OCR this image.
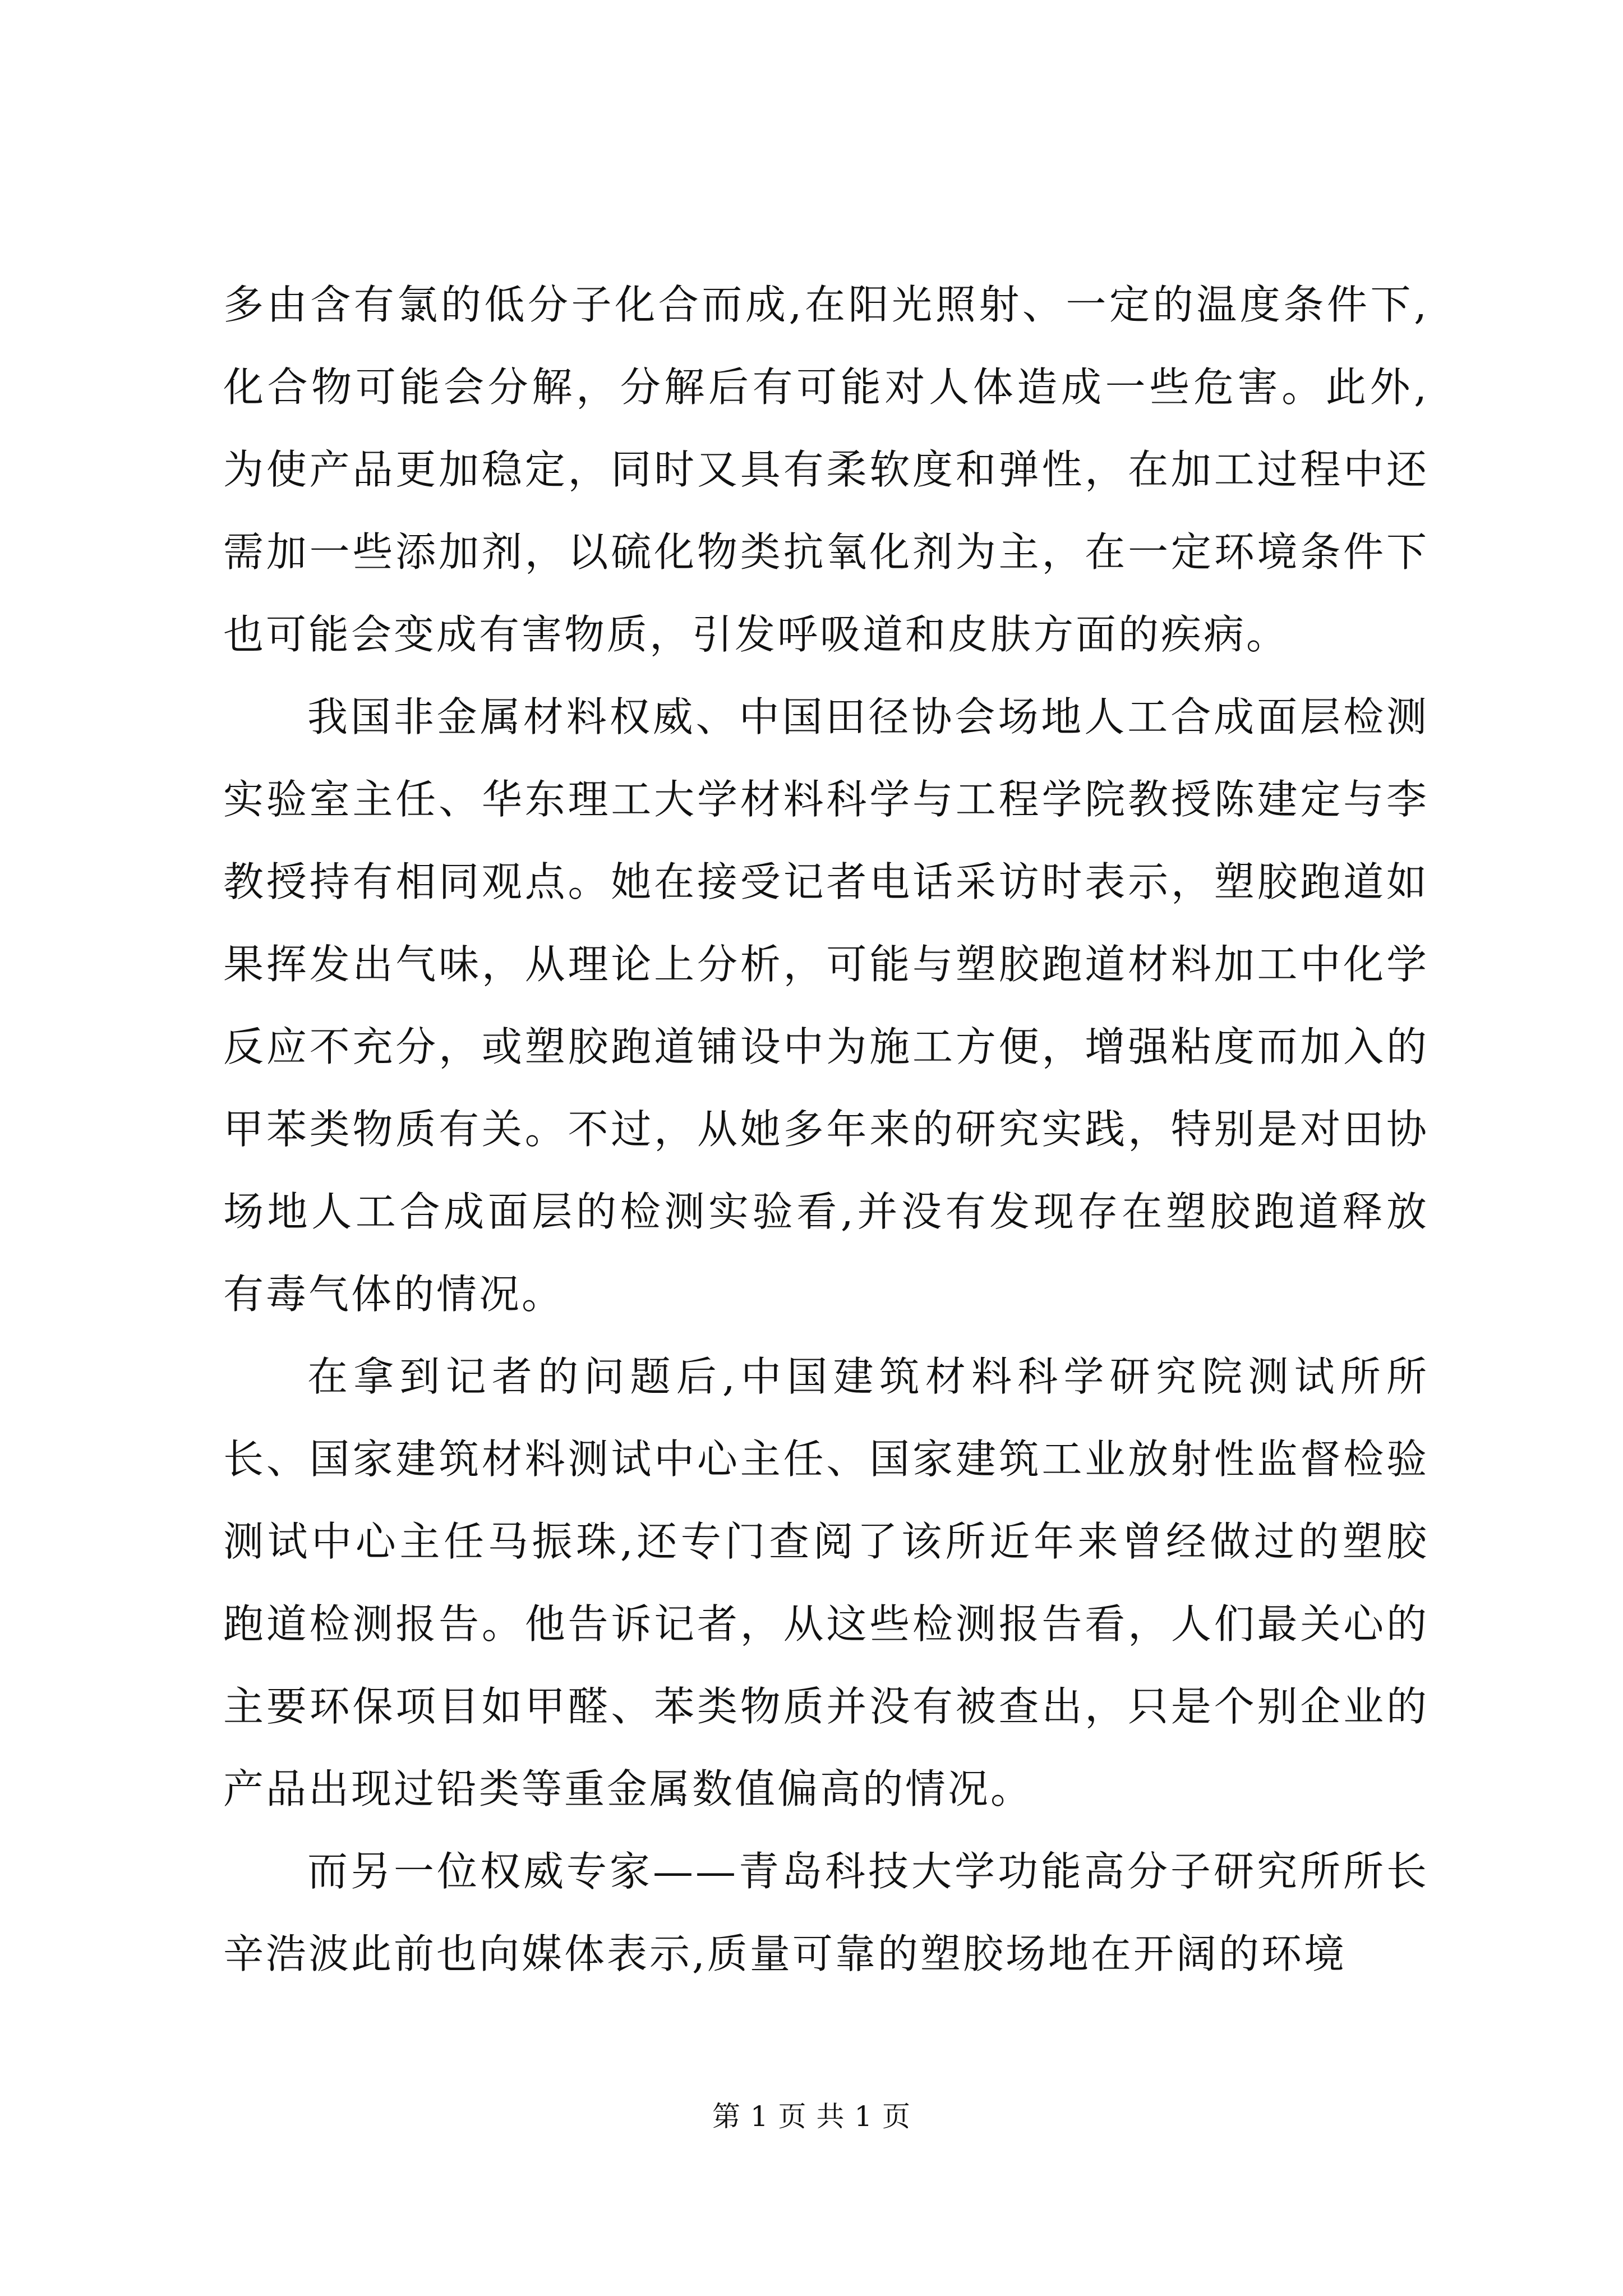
多由含有氯的低分子化合而成,在阳光照射、一定的温度条件下,化合物可能会分解，分解后有可能对人体造成一些危害。此外,为使产品更加稳定，同时又具有柔软度和弹性，在加工过程中还需加一些添加剂，以硫化物类抗氧化剂为主，在一定环境条件下也可能会变成有害物质，引发呼吸道和皮肤方面的疾病。

我国非金属材料权威、中国田径协会场地人工合成面层检测实验室主任、华东理工大学材料科学与工程学院教授陈建定与李教授持有相同观点。她在接受记者电话采访时表示，塑胶跑道如果挥发出气味，从理论上分析，可能与塑胶跑道材料加工中化学反应不充分，或塑胶跑道铺设中为施工方便，增强粘度而加入的甲苯类物质有关。不过，从她多年来的研究实践，特别是对田协场地人工合成面层的检测实验看,并没有发现存在塑胶跑道释放有毒气体的情况。

在拿到记者的问题后,中国建筑材料科学研究院测试所所长、国家建筑材料测试中心主任、国家建筑工业放射性监督检验测试中心主任马振珠,还专门查阅了该所近年来曾经做过的塑胶跑道检测报告。他告诉记者，从这些检测报告看，人们最关心的主要环保项目如甲醛、苯类物质并没有被查出，只是个别企业的产品出现过铅类等重金属数值偏高的情况。

而另一位权威专家——青岛科技大学功能高分子研究所所长辛浩波此前也向媒体表示,质量可靠的塑胶场地在开阔的环境

第 1 页 共 1 页
